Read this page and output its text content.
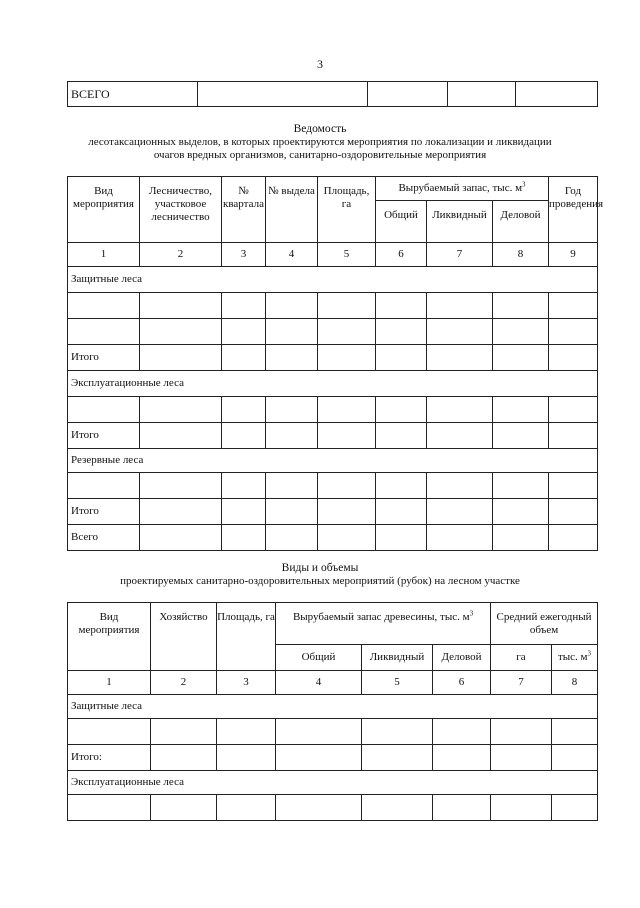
3
ВСЕГО				
Ведомость
лесотаксационных выделов, в которых проектируются мероприятия по локализации и ликвидации
очагов вредных организмов, санитарно-оздоровительные мероприятия
Вид мероприятия	Лесничество, участковое лесничество	№ квартала	№ выдела	Площадь, га	Вырубаемый запас, тыс. $м^3$			Год проведения
					Общий	Ликвидный	Деловой	
1	2	3	4	5	6	7	8	9
Защитные леса								

Итого								
Эксплуатационные леса								

Итого								
Резервные леса								

Итого								
Всего								
Виды и объемы
проектируемых санитарно-оздоровительных мероприятий (рубок) на лесном участке
Вид мероприятия	Хозяйство	Площадь, га	Вырубаемый запас древесины, тыс. $м^3$			Средний ежегодный объем	
			Общий	Ликвидный	Деловой	га	тыс. $м^3$
1	2	3	4	5	6	7	8
Защитные леса							

Итого:							
Эксплуатационные леса							
